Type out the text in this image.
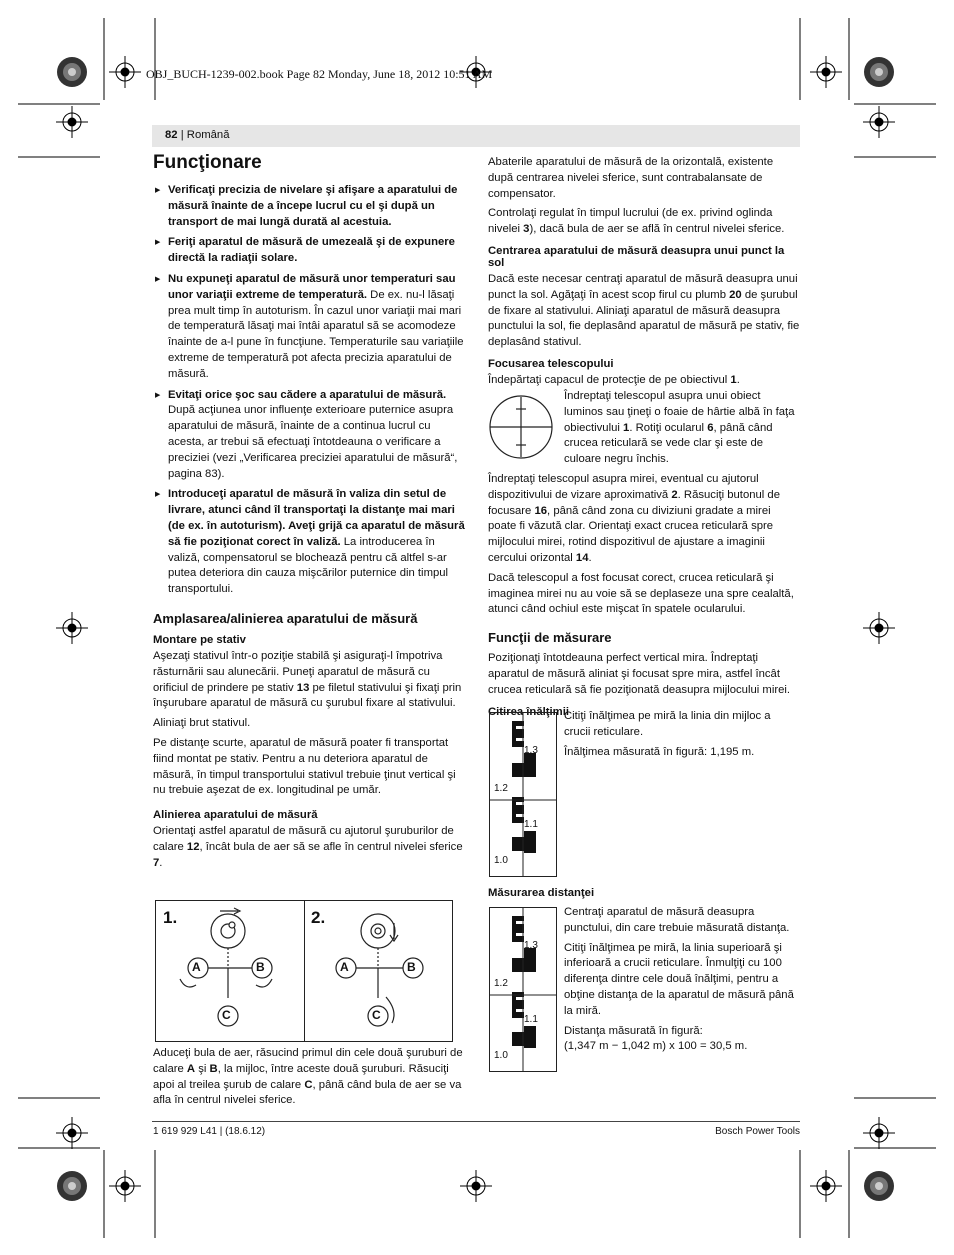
OBJ_BUCH-1239-002.book Page 82 Monday, June 18, 2012 10:51 AM
82 | Română
Funcţionare
▶ Verificaţi precizia de nivelare şi afişare a aparatului de măsură înainte de a începe lucrul cu el şi după un transport de mai lungă durată al acestuia.
▶ Feriţi aparatul de măsură de umezeală şi de expunere directă la radiaţii solare.
▶ Nu expuneţi aparatul de măsură unor temperaturi sau unor variaţii extreme de temperatură. De ex. nu-l lăsaţi prea mult timp în autoturism. În cazul unor variaţii mai mari de temperatură lăsaţi mai întâi aparatul să se acomodeze înainte de a-l pune în funcţiune. Temperaturile sau variaţiile extreme de temperatură pot afecta precizia aparatului de măsură.
▶ Evitaţi orice şoc sau cădere a aparatului de măsură. După acţiunea unor influenţe exterioare puternice asupra aparatului de măsură, înainte de a continua lucrul cu acesta, ar trebui să efectuaţi întotdeauna o verificare a preciziei (vezi „Verificarea preciziei aparatului de măsură“, pagina 83).
▶ Introduceţi aparatul de măsură în valiza din setul de livrare, atunci când îl transportaţi la distanţe mai mari (de ex. în autoturism). Aveţi grijă ca aparatul de măsură să fie poziţionat corect în valiză. La introducerea în valiză, compensatorul se blochează pentru că altfel s-ar putea deteriora din cauza mişcărilor puternice din timpul transportului.
Amplasarea/alinierea aparatului de măsură
Montare pe stativ

Aşezaţi stativul într-o poziţie stabilă şi asiguraţi-l împotriva răsturnării sau alunecării. Puneţi aparatul de măsură cu orificiul de prindere pe stativ 13 pe filetul stativului şi fixaţi prin înşurubare aparatul de măsură cu şurubul fixare al stativului.

Aliniaţi brut stativul.

Pe distanţe scurte, aparatul de măsură poater fi transportat fiind montat pe stativ. Pentru a nu deteriora aparatul de măsură, în timpul transportului stativul trebuie ţinut vertical şi nu trebuie aşezat de ex. longitudinal pe umăr.

Alinierea aparatului de măsură

Orientaţi astfel aparatul de măsură cu ajutorul şuruburilor de calare 12, încât bula de aer să se afle în centrul nivelei sferice 7.

1.	2.
A	B
C
A	B
C

Aduceţi bula de aer, răsucind primul din cele două şuruburi de calare A şi B, la mijloc, între aceste două şuruburi. Răsuciţi apoi al treilea şurub de calare C, până când bula de aer se va afla în centrul nivelei sferice.

Abaterile aparatului de măsură de la orizontală, existente după centrarea nivelei sferice, sunt contrabalansate de compensator.

Controlaţi regulat în timpul lucrului (de ex. privind oglinda nivelei 3), dacă bula de aer se află în centrul nivelei sferice.

Centrarea aparatului de măsură deasupra unui punct la sol

Dacă este necesar centraţi aparatul de măsură deasupra unui punct la sol. Agăţaţi în acest scop firul cu plumb 20 de şurubul de fixare al stativului. Aliniaţi aparatul de măsură deasupra punctului la sol, fie deplasând aparatul de măsură pe stativ, fie deplasând stativul.

Focusarea telescopului

Îndepărtaţi capacul de protecţie de pe obiectivul 1.

Îndreptaţi telescopul asupra unui obiect luminos sau ţineţi o foaie de hârtie albă în faţa obiectivului 1. Rotiţi ocularul 6, până când crucea reticulară se vede clar şi este de culoare negru închis.

Îndreptaţi telescopul asupra mirei, eventual cu ajutorul dispozitivului de vizare aproximativă 2. Răsuciţi butonul de focusare 16, până când zona cu diviziuni gradate a mirei poate fi văzută clar. Orientaţi exact crucea reticulară spre mijlocului mirei, rotind dispozitivul de ajustare a imaginii cercului orizontal 14.

Dacă telescopul a fost focusat corect, crucea reticulară şi imaginea mirei nu au voie să se deplaseze una spre cealaltă, atunci când ochiul este mişcat în spatele ocularului.

Funcţii de măsurare

Poziţionaţi întotdeauna perfect vertical mira. Îndreptaţi aparatul de măsură aliniat şi focusat spre mira, astfel încât crucea reticulară să fie poziţionată deasupra mijlocului mirei.

Citirea înălţimii
1.3
1.2
1.1
1.0

Citiţi înălţimea pe miră la linia din mijloc a crucii reticulare.

Înălţimea măsurată în figură: 1,195 m.

Măsurarea distanţei
1.3
1.2
1.1
1.0

Centraţi aparatul de măsură deasupra punctului, din care trebuie măsurată distanţa.

Citiţi înălţimea pe miră, la linia superioară şi inferioară a crucii reticulare. Înmulţiţi cu 100 diferenţa dintre cele două înălţimi, pentru a obţine distanţa de la aparatul de măsură până la miră.

Distanţa măsurată în figură:

(1,347 m − 1,042 m) x 100 = 30,5 m.

1 619 929 L41 | (18.6.12)	Bosch Power Tools
